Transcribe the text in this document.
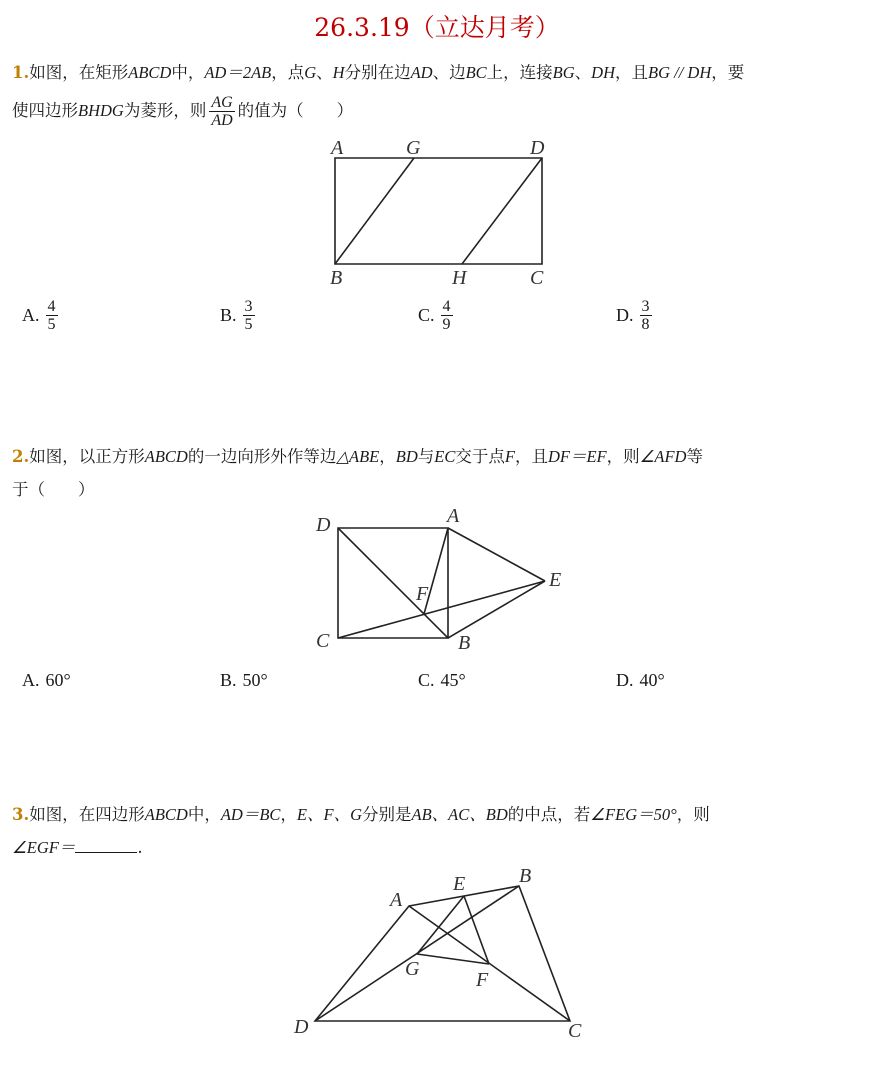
26.3.19（立达月考）
1.如图，在矩形ABCD中，AD＝2AB，点G、H分别在边AD、边BC上，连接BG、DH，且BG // DH，要
使四边形BHDG为菱形，则 $\frac{AG}{AD}$ 的值为（　　）
A	G	D
B	H	C
A. $\frac{4}{5}$	B. $\frac{3}{5}$	C. $\frac{4}{9}$	D. $\frac{3}{8}$
2.如图，以正方形ABCD的一边向形外作等边△ABE，BD与EC交于点F，且DF＝EF，则∠AFD等
于（　　）
D	A
E
F
C	B
A. 60°	B. 50°	C. 45°	D. 40°
3.如图，在四边形ABCD中，AD＝BC，E、F、G分别是AB、AC、BD的中点，若∠FEG＝50°，则
∠EGF＝	.
A
E	B
G	F
D	C
